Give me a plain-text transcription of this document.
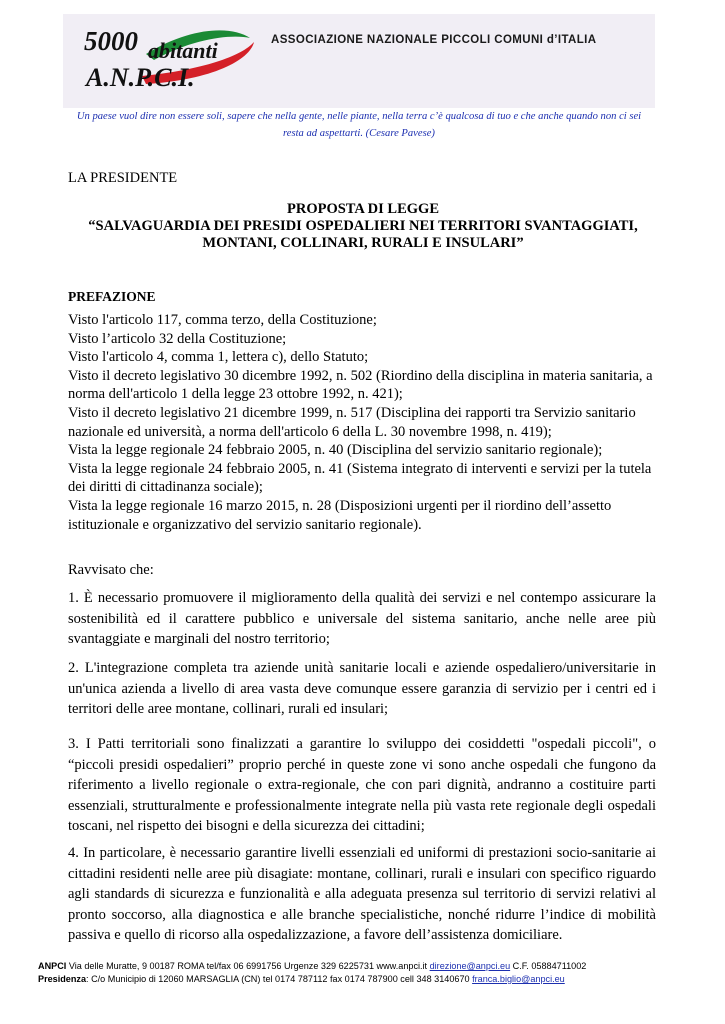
5000 abitanti
A.N.P.C.I.
ASSOCIAZIONE NAZIONALE PICCOLI COMUNI d’ITALIA
Un paese vuol dire non essere soli, sapere che nella gente, nelle piante, nella terra c’è qualcosa di tuo e che anche quando non ci sei
resta ad aspettarti. (Cesare Pavese)
LA PRESIDENTE
PROPOSTA DI LEGGE
“SALVAGUARDIA DEI PRESIDI OSPEDALIERI NEI TERRITORI SVANTAGGIATI,
MONTANI, COLLINARI, RURALI E INSULARI”
PREFAZIONE
Visto l'articolo 117, comma terzo, della Costituzione;
Visto l’articolo 32 della Costituzione;
Visto l'articolo 4, comma 1, lettera c), dello Statuto;
Visto il decreto legislativo 30 dicembre 1992, n. 502 (Riordino della disciplina in materia sanitaria, a norma dell'articolo 1 della legge 23 ottobre 1992, n. 421);
Visto il decreto legislativo 21 dicembre 1999, n. 517 (Disciplina dei rapporti tra Servizio sanitario nazionale ed università, a norma dell'articolo 6 della L. 30 novembre 1998, n. 419);
Vista la legge regionale 24 febbraio 2005, n. 40 (Disciplina del servizio sanitario regionale);
Vista la legge regionale 24 febbraio 2005, n. 41 (Sistema integrato di interventi e servizi per la tutela dei diritti di cittadinanza sociale);
Vista la legge regionale 16 marzo 2015, n. 28 (Disposizioni urgenti per il riordino dell’assetto istituzionale e organizzativo del servizio sanitario regionale).
Ravvisato che:

1. È necessario promuovere il miglioramento della qualità dei servizi e nel contempo assicurare la sostenibilità ed il carattere pubblico e universale del sistema sanitario, anche nelle aree più svantaggiate e marginali del nostro territorio;

2. L'integrazione completa tra aziende unità sanitarie locali e aziende ospedaliero/universitarie in un'unica azienda a livello di area vasta deve comunque essere garanzia di servizio per i centri ed i territori delle aree montane, collinari, rurali ed insulari;

3. I Patti territoriali sono finalizzati a garantire lo sviluppo dei cosiddetti "ospedali piccoli", o “piccoli presidi ospedalieri” proprio perché in queste zone vi sono anche ospedali che fungono da riferimento a livello regionale o extra-regionale, che con pari dignità, andranno a costituire parti essenziali, strutturalmente e professionalmente integrate nella più vasta rete regionale degli ospedali toscani, nel rispetto dei bisogni e della sicurezza dei cittadini;

4. In particolare, è necessario garantire livelli essenziali ed uniformi di prestazioni socio-sanitarie ai cittadini residenti nelle aree più disagiate: montane, collinari, rurali e insulari con specifico riguardo agli standards di sicurezza e funzionalità e alla adeguata presenza sul territorio di servizi relativi al pronto soccorso, alla diagnostica e alle branche specialistiche, nonché ridurre l’indice di mobilità passiva e quello di ricorso alla ospedalizzazione, a favore dell’assistenza domiciliare.

ANPCI Via delle Muratte, 9 00187 ROMA tel/fax 06 6991756 Urgenze 329 6225731 www.anpci.it direzione@anpci.eu C.F. 05884711002
Presidenza: C/o Municipio di 12060 MARSAGLIA (CN) tel 0174 787112 fax 0174 787900 cell 348 3140670 franca.biglio@anpci.eu
